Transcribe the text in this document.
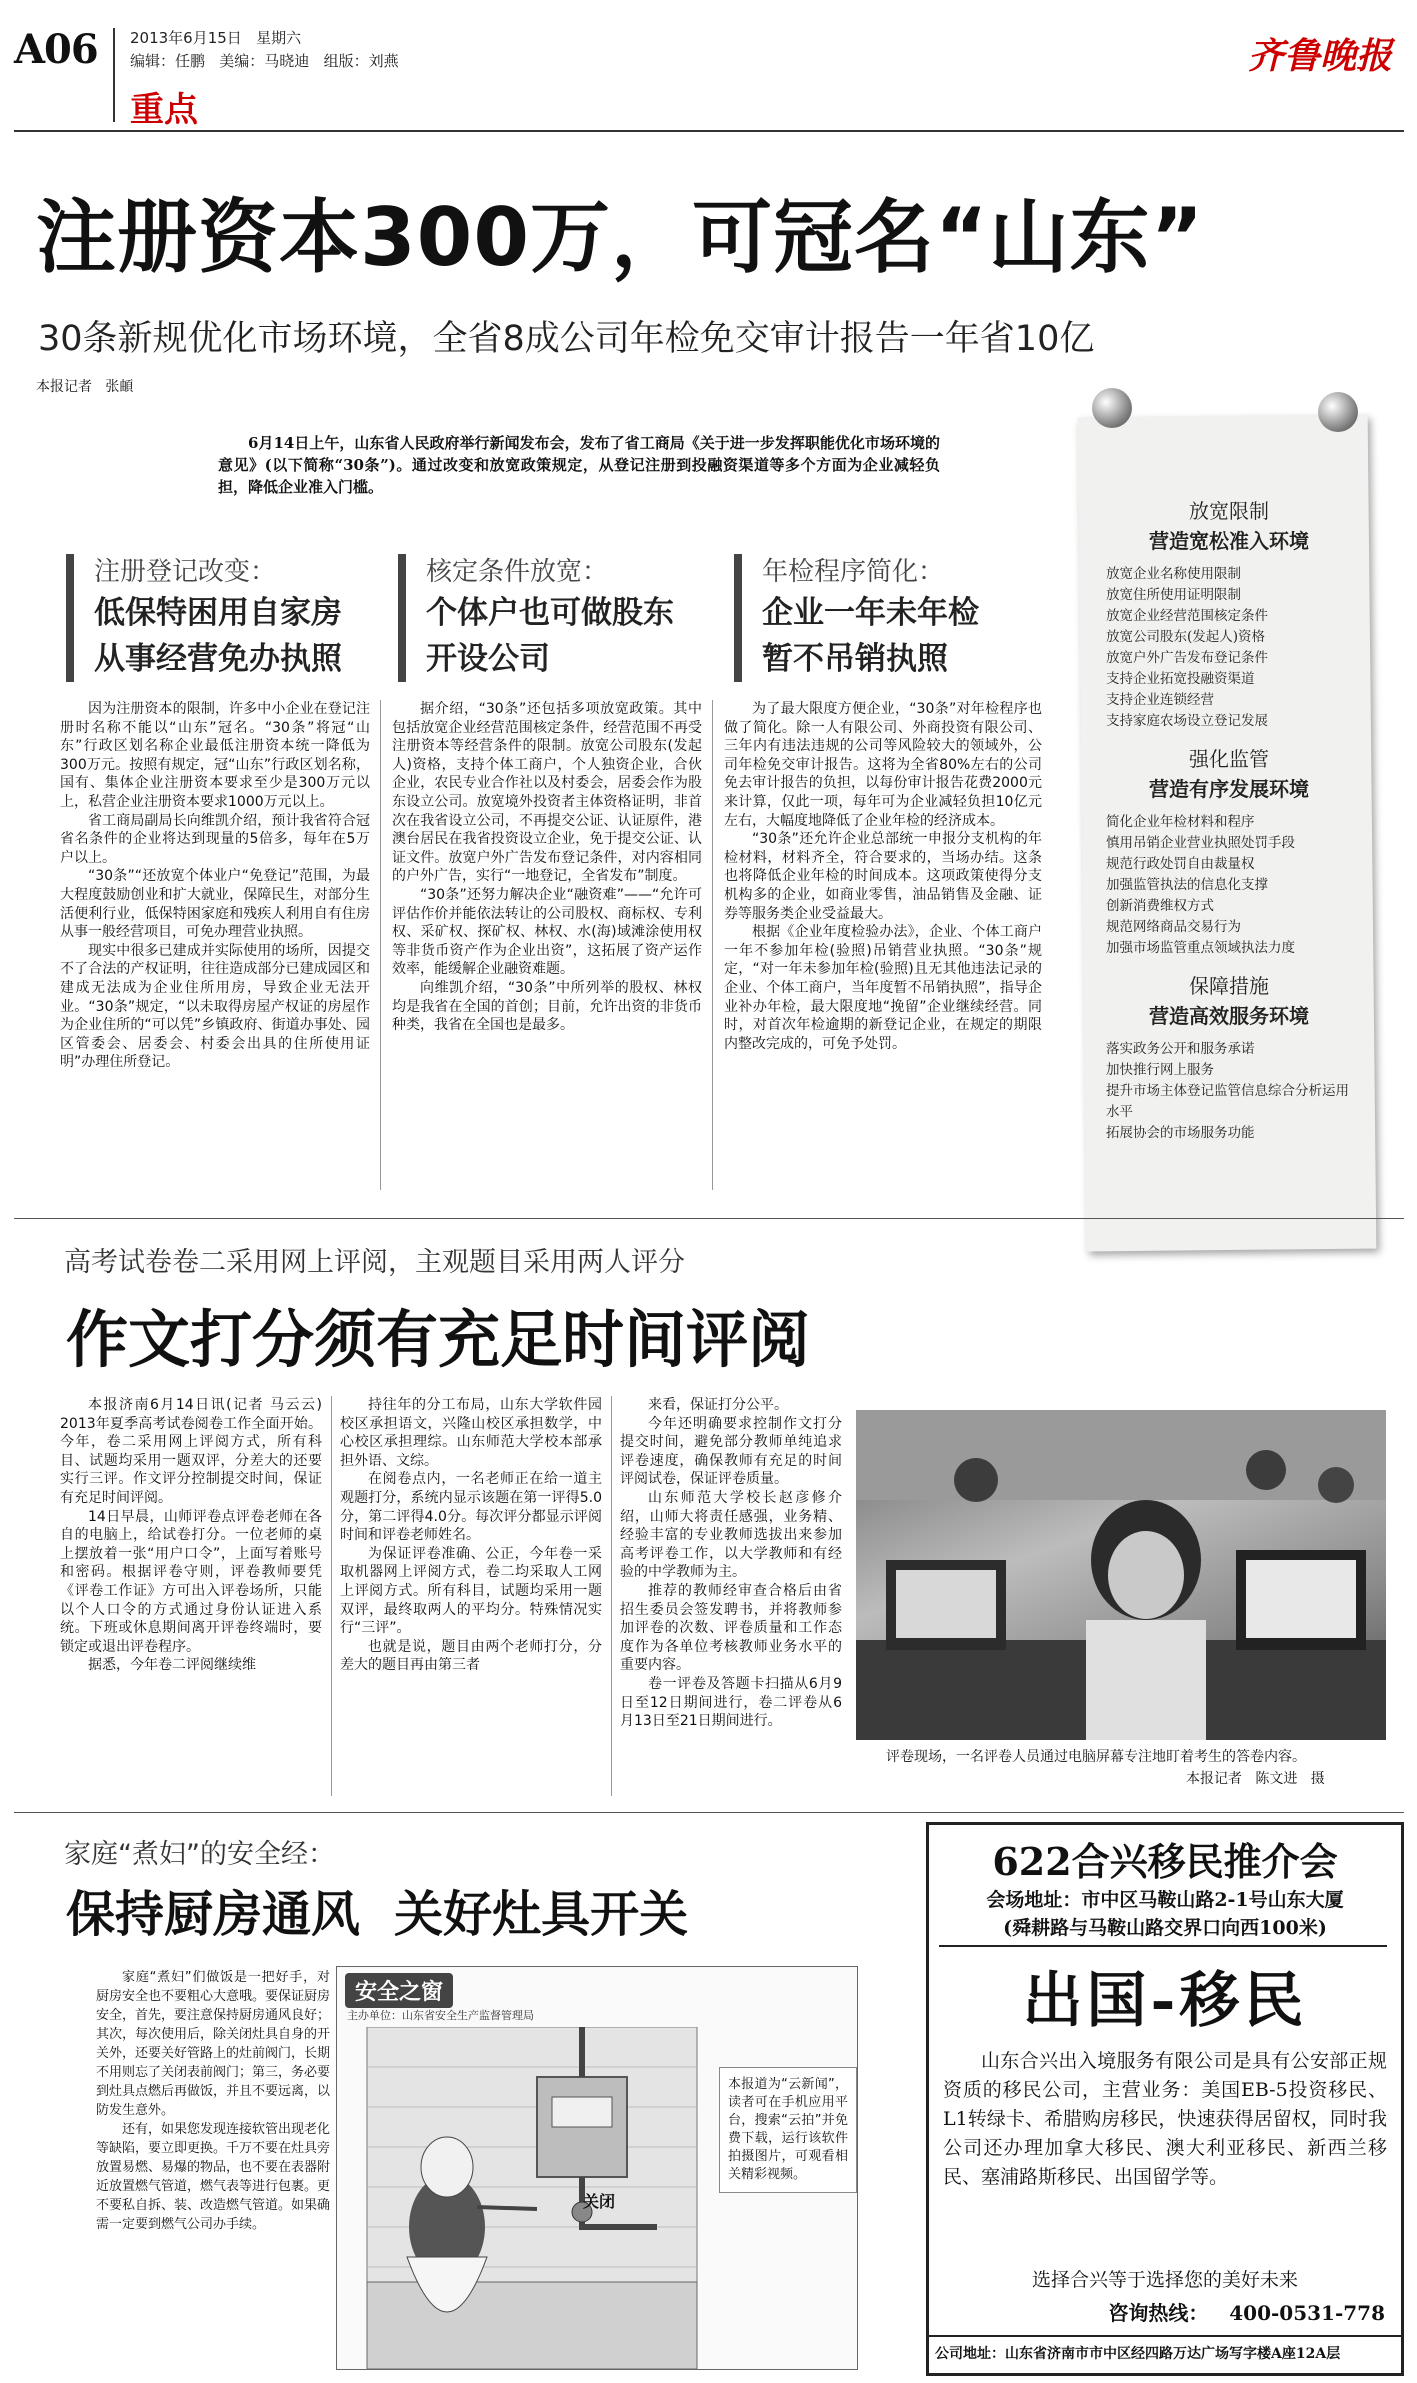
A06 2013年6月15日   星期六
编辑：任鹏   美编：马晓迪   组版：刘燕
重点
齐鲁晚报
注册资本300万，可冠名“山东”
30条新规优化市场环境，全省8成公司年检免交审计报告一年省10亿
本报记者   张頔
6月14日上午，山东省人民政府举行新闻发布会，发布了省工商局《关于进一步发挥职能优化市场环境的意见》(以下简称“30条”)。通过改变和放宽政策规定，从登记注册到投融资渠道等多个方面为企业减轻负担，降低企业准入门槛。
放宽限制
营造宽松准入环境
放宽企业名称使用限制
放宽住所使用证明限制
放宽企业经营范围核定条件
放宽公司股东(发起人)资格
放宽户外广告发布登记条件
支持企业拓宽投融资渠道
支持企业连锁经营
支持家庭农场设立登记发展
强化监管
营造有序发展环境
简化企业年检材料和程序
慎用吊销企业营业执照处罚手段
规范行政处罚自由裁量权
加强监管执法的信息化支撑
创新消费维权方式
规范网络商品交易行为
加强市场监管重点领域执法力度
保障措施
营造高效服务环境
落实政务公开和服务承诺
加快推行网上服务
提升市场主体登记监管信息综合分析运用水平
拓展协会的市场服务功能
注册登记改变：
低保特困用自家房
从事经营免办执照
核定条件放宽：
个体户也可做股东
开设公司
年检程序简化：
企业一年未年检
暂不吊销执照
因为注册资本的限制，许多中小企业在登记注册时名称不能以“山东”冠名。“30条”将冠“山东”行政区划名称企业最低注册资本统一降低为300万元。按照有规定，冠“山东”行政区划名称，国有、集体企业注册资本要求至少是300万元以上，私营企业注册资本要求1000万元以上。
省工商局副局长向维凯介绍，预计我省符合冠省名条件的企业将达到现量的5倍多，每年在5万户以上。
“30条”“还放宽个体业户“免登记”范围，为最大程度鼓励创业和扩大就业，保障民生，对部分生活便利行业，低保特困家庭和残疾人利用自有住房从事一般经营项目，可免办理营业执照。
现实中很多已建成并实际使用的场所，因提交不了合法的产权证明，往往造成部分已建成园区和建成无法成为企业住所用房，导致企业无法开业。“30条”规定，“以未取得房屋产权证的房屋作为企业住所的“可以凭”乡镇政府、街道办事处、园区管委会、居委会、村委会出具的住所使用证明”办理住所登记。
据介绍，“30条”还包括多项放宽政策。其中包括放宽企业经营范围核定条件，经营范围不再受注册资本等经营条件的限制。放宽公司股东(发起人)资格，支持个体工商户，个人独资企业，合伙企业，农民专业合作社以及村委会，居委会作为股东设立公司。放宽境外投资者主体资格证明，非首次在我省设立公司，不再提交公证、认证原件，港澳台居民在我省投资设立企业，免于提交公证、认证文件。放宽户外广告发布登记条件，对内容相同的户外广告，实行“一地登记，全省发布”制度。
“30条”还努力解决企业“融资难”——“允许可评估作价并能依法转让的公司股权、商标权、专利权、采矿权、探矿权、林权、水(海)域滩涂使用权等非货币资产作为企业出资”，这拓展了资产运作效率，能缓解企业融资难题。
向维凯介绍，“30条”中所列举的股权、林权均是我省在全国的首创；目前，允许出资的非货币种类，我省在全国也是最多。
为了最大限度方便企业，“30条”对年检程序也做了简化。除一人有限公司、外商投资有限公司、三年内有违法违规的公司等风险较大的领域外，公司年检免交审计报告。这将为全省80%左右的公司免去审计报告的负担，以每份审计报告花费2000元来计算，仅此一项，每年可为企业减轻负担10亿元左右，大幅度地降低了企业年检的经济成本。
“30条”还允许企业总部统一申报分支机构的年检材料，材料齐全，符合要求的，当场办结。这条也将降低企业年检的时间成本。这项政策使得分支机构多的企业，如商业零售，油品销售及金融、证券等服务类企业受益最大。
根据《企业年度检验办法》，企业、个体工商户一年不参加年检(验照)吊销营业执照。“30条”规定，“对一年未参加年检(验照)且无其他违法记录的企业、个体工商户，当年度暂不吊销执照”，指导企业补办年检，最大限度地“挽留”企业继续经营。同时，对首次年检逾期的新登记企业，在规定的期限内整改完成的，可免予处罚。
高考试卷卷二采用网上评阅，主观题目采用两人评分
作文打分须有充足时间评阅
本报济南6月14日讯(记者 马云云) 2013年夏季高考试卷阅卷工作全面开始。今年，卷二采用网上评阅方式，所有科目、试题均采用一题双评，分差大的还要实行三评。作文评分控制提交时间，保证有充足时间评阅。
14日早晨，山师评卷点评卷老师在各自的电脑上，给试卷打分。一位老师的桌上摆放着一张“用户口令”，上面写着账号和密码。根据评卷守则，评卷教师要凭《评卷工作证》方可出入评卷场所，只能以个人口令的方式通过身份认证进入系统。下班或休息期间离开评卷终端时，要锁定或退出评卷程序。
据悉，今年卷二评阅继续维
持往年的分工布局，山东大学软件园校区承担语文，兴隆山校区承担数学，中心校区承担理综。山东师范大学校本部承担外语、文综。
在阅卷点内，一名老师正在给一道主观题打分，系统内显示该题在第一评得5.0分，第二评得4.0分。每次评分都显示评阅时间和评卷老师姓名。
为保证评卷准确、公正，今年卷一采取机器网上评阅方式，卷二均采取人工网上评阅方式。所有科目，试题均采用一题双评，最终取两人的平均分。特殊情况实行“三评”。
也就是说，题目由两个老师打分，分差大的题目再由第三者
来看，保证打分公平。
今年还明确要求控制作文打分提交时间，避免部分教师单纯追求评卷速度，确保教师有充足的时间评阅试卷，保证评卷质量。
山东师范大学校长赵彦修介绍，山师大将责任感强，业务精、经验丰富的专业教师选拔出来参加高考评卷工作，以大学教师和有经验的中学教师为主。
推荐的教师经审查合格后由省招生委员会签发聘书，并将教师参加评卷的次数、评卷质量和工作态度作为各单位考核教师业务水平的重要内容。
卷一评卷及答题卡扫描从6月9日至12日期间进行，卷二评卷从6月13日至21日期间进行。
评卷现场，一名评卷人员通过电脑屏幕专注地盯着考生的答卷内容。
本报记者   陈文进   摄
家庭“煮妇”的安全经：
保持厨房通风  关好灶具开关
家庭“煮妇”们做饭是一把好手，对厨房安全也不要粗心大意哦。要保证厨房安全，首先，要注意保持厨房通风良好；其次，每次使用后，除关闭灶具自身的开关外，还要关好管路上的灶前阀门，长期不用则忘了关闭表前阀门；第三，务必要到灶具点燃后再做饭，并且不要远离，以防发生意外。
还有，如果您发现连接软管出现老化等缺陷，要立即更换。千万不要在灶具旁放置易燃、易爆的物品，也不要在表器附近放置燃气管道，燃气表等进行包裹。更不要私自拆、装、改造燃气管道。如果确需一定要到燃气公司办手续。
安全之窗
主办单位：山东省安全生产监督管理局
关闭
本报道为“云新闻”，读者可在手机应用平台，搜索“云拍”并免费下载，运行该软件拍摄图片，可观看相关精彩视频。
622合兴移民推介会
会场地址：市中区马鞍山路2-1号山东大厦
(舜耕路与马鞍山路交界口向西100米)
出国-移民
山东合兴出入境服务有限公司是具有公安部正规资质的移民公司，主营业务：美国EB-5投资移民、L1转绿卡、希腊购房移民，快速获得居留权，同时我公司还办理加拿大移民、澳大利亚移民、新西兰移民、塞浦路斯移民、出国留学等。
选择合兴等于选择您的美好未来
咨询热线：   400-0531-778
公司地址：山东省济南市市中区经四路万达广场写字楼A座12A层
